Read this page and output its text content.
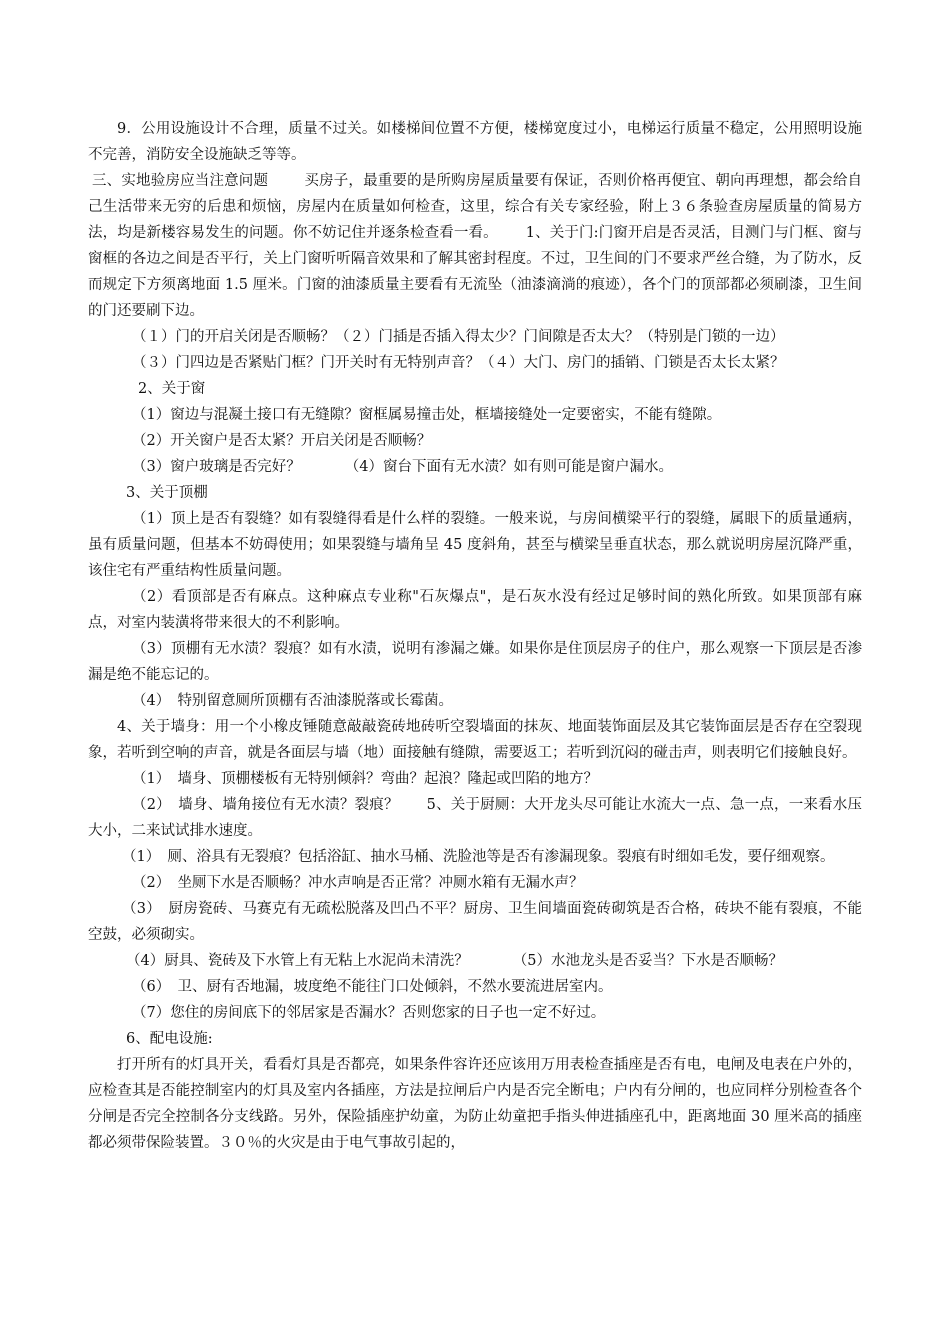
9．公用设施设计不合理，质量不过关。如楼梯间位置不方便，楼梯宽度过小，电梯运行质量不稳定，公用照明设施不完善，消防安全设施缺乏等等。

三、实地验房应当注意问题 买房子，最重要的是所购房屋质量要有保证，否则价格再便宜、朝向再理想，都会给自己生活带来无穷的后患和烦恼，房屋内在质量如何检查，这里，综合有关专家经验，附上３６条验查房屋质量的简易方法，均是新楼容易发生的问题。你不妨记住并逐条检查看一看。 1、关于门:门窗开启是否灵活，目测门与门框、窗与窗框的各边之间是否平行，关上门窗听听隔音效果和了解其密封程度。不过，卫生间的门不要求严丝合缝，为了防水，反而规定下方须离地面 1.5 厘米。门窗的油漆质量主要看有无流坠（油漆滴淌的痕迹），各个门的顶部都必须刷漆，卫生间的门还要刷下边。

（１）门的开启关闭是否顺畅？（２）门插是否插入得太少？门间隙是否太大？（特别是门锁的一边）

（３）门四边是否紧贴门框？门开关时有无特别声音？（４）大门、房门的插销、门锁是否太长太紧？

2、关于窗

（1）窗边与混凝土接口有无缝隙？窗框属易撞击处，框墙接缝处一定要密实，不能有缝隙。

（2）开关窗户是否太紧？开启关闭是否顺畅？

（3）窗户玻璃是否完好？	（4）窗台下面有无水渍？如有则可能是窗户漏水。

3、关于顶棚

（1）顶上是否有裂缝？如有裂缝得看是什么样的裂缝。一般来说，与房间横梁平行的裂缝，属眼下的质量通病，虽有质量问题，但基本不妨碍使用；如果裂缝与墙角呈 45 度斜角，甚至与横梁呈垂直状态，那么就说明房屋沉降严重，该住宅有严重结构性质量问题。

（2）看顶部是否有麻点。这种麻点专业称"石灰爆点"，是石灰水没有经过足够时间的熟化所致。如果顶部有麻点，对室内装潢将带来很大的不利影响。

（3）顶棚有无水渍？裂痕？如有水渍，说明有渗漏之嫌。如果你是住顶层房子的住户，那么观察一下顶层是否渗漏是绝不能忘记的。

（4）　特别留意厕所顶棚有否油漆脱落或长霉菌。

4、关于墙身：用一个小橡皮锤随意敲敲瓷砖地砖听空裂墙面的抹灰、地面装饰面层及其它装饰面层是否存在空裂现象，若听到空响的声音，就是各面层与墙（地）面接触有缝隙，需要返工；若听到沉闷的碰击声，则表明它们接触良好。

（1）　墙身、顶棚楼板有无特别倾斜？弯曲？起浪？隆起或凹陷的地方？

（2）　墙身、墙角接位有无水渍？裂痕？ 5、关于厨厕：大开龙头尽可能让水流大一点、急一点，一来看水压大小，二来试试排水速度。

（1）　厕、浴具有无裂痕？包括浴缸、抽水马桶、洗脸池等是否有渗漏现象。裂痕有时细如毛发，要仔细观察。

（2）　坐厕下水是否顺畅？冲水声响是否正常？冲厕水箱有无漏水声？

（3）　厨房瓷砖、马赛克有无疏松脱落及凹凸不平？厨房、卫生间墙面瓷砖砌筑是否合格，砖块不能有裂痕，不能空鼓，必须砌实。

（4）厨具、瓷砖及下水管上有无粘上水泥尚未清洗？	（5）水池龙头是否妥当？下水是否顺畅？

（6）　卫、厨有否地漏，坡度绝不能往门口处倾斜，不然水要流进居室内。

（7）您住的房间底下的邻居家是否漏水？否则您家的日子也一定不好过。

6、配电设施:

打开所有的灯具开关，看看灯具是否都亮，如果条件容许还应该用万用表检查插座是否有电，电闸及电表在户外的，应检查其是否能控制室内的灯具及室内各插座，方法是拉闸后户内是否完全断电；户内有分闸的，也应同样分别检查各个分闸是否完全控制各分支线路。另外，保险插座护幼童，为防止幼童把手指头伸进插座孔中，距离地面 30 厘米高的插座都必须带保险装置。３０％的火灾是由于电气事故引起的，
